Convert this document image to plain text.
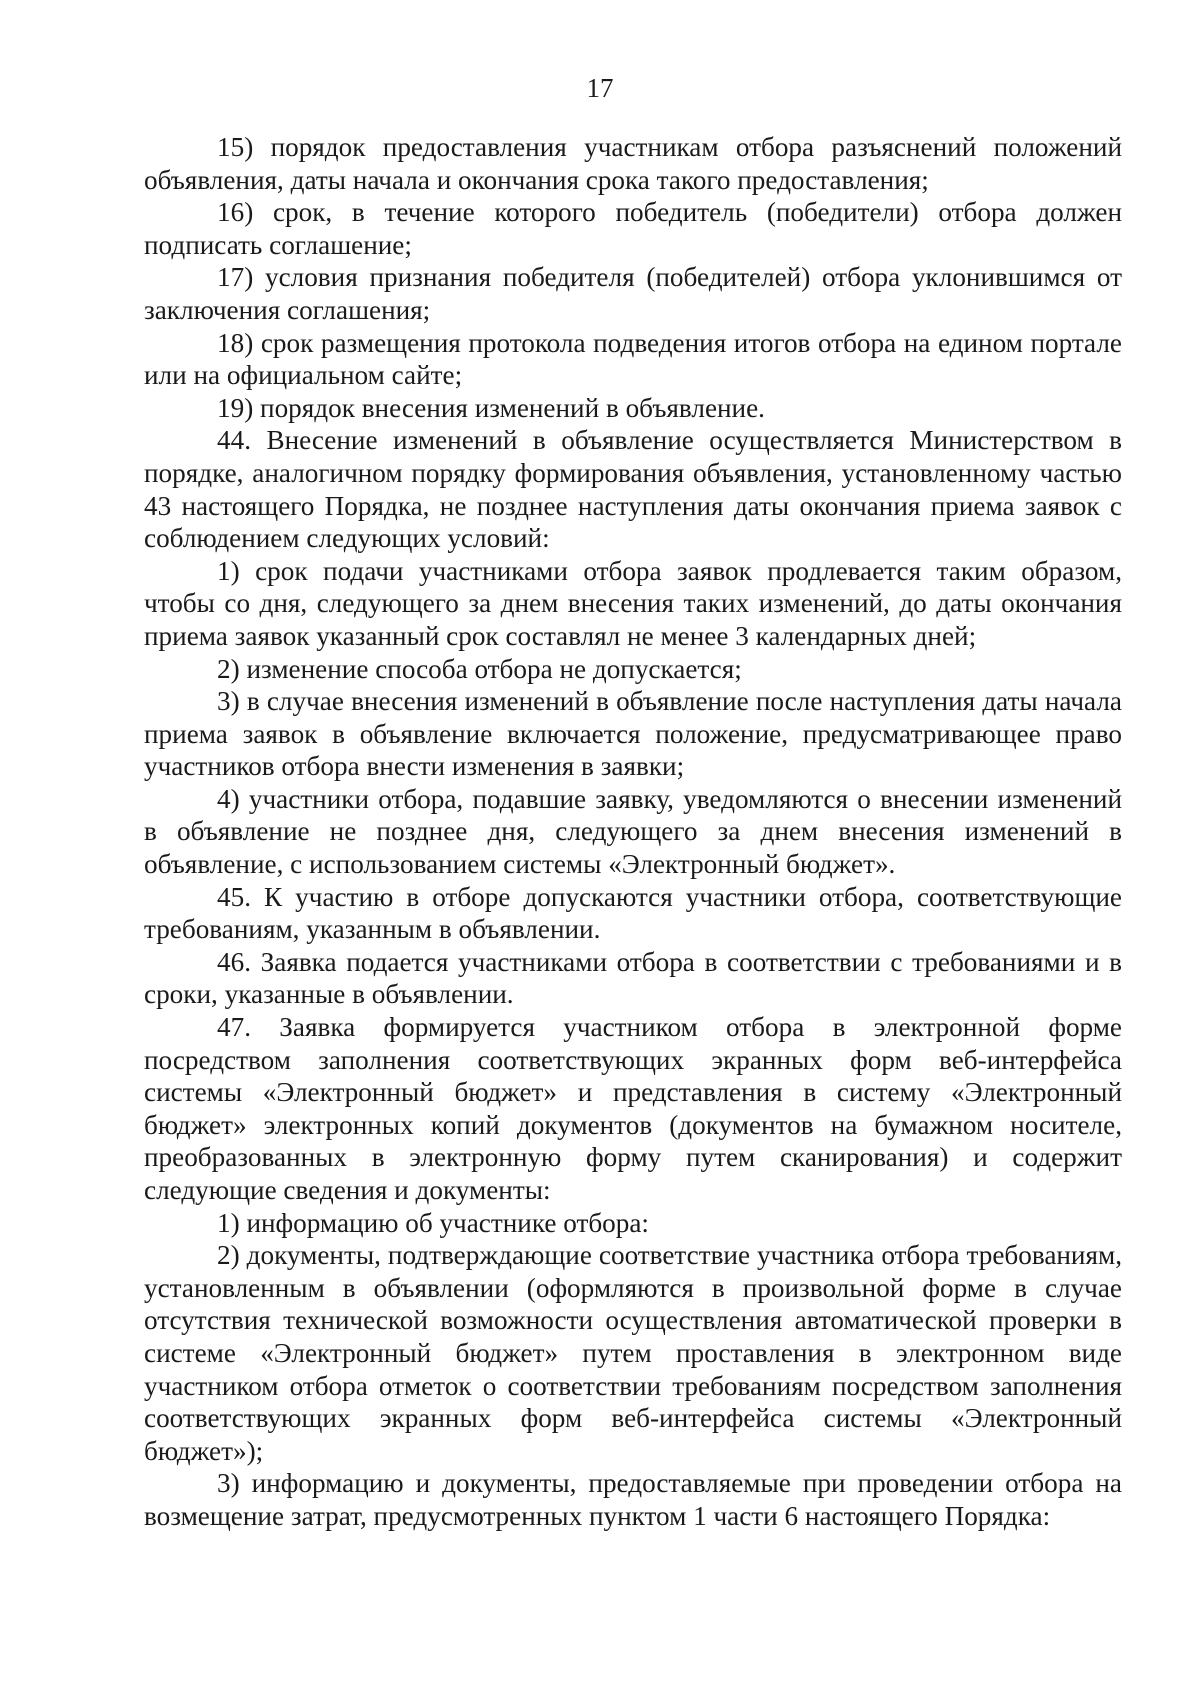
17

15) порядок предоставления участникам отбора разъяснений положений объявления, даты начала и окончания срока такого предоставления;

16) срок, в течение которого победитель (победители) отбора должен подписать соглашение;

17) условия признания победителя (победителей) отбора уклонившимся от заключения соглашения;

18) срок размещения протокола подведения итогов отбора на едином портале или на официальном сайте;

19) порядок внесения изменений в объявление.

44. Внесение изменений в объявление осуществляется Министерством в порядке, аналогичном порядку формирования объявления, установленному частью 43 настоящего Порядка, не позднее наступления даты окончания приема заявок с соблюдением следующих условий:

1) срок подачи участниками отбора заявок продлевается таким образом, чтобы со дня, следующего за днем внесения таких изменений, до даты окончания приема заявок указанный срок составлял не менее 3 календарных дней;

2) изменение способа отбора не допускается;

3) в случае внесения изменений в объявление после наступления даты начала приема заявок в объявление включается положение, предусматривающее право участников отбора внести изменения в заявки;

4) участники отбора, подавшие заявку, уведомляются о внесении изменений в объявление не позднее дня, следующего за днем внесения изменений в объявление, с использованием системы «Электронный бюджет».

45. К участию в отборе допускаются участники отбора, соответствующие требованиям, указанным в объявлении.

46. Заявка подается участниками отбора в соответствии с требованиями и в сроки, указанные в объявлении.

47. Заявка формируется участником отбора в электронной форме посредством заполнения соответствующих экранных форм веб-интерфейса системы «Электронный бюджет» и представления в систему «Электронный бюджет» электронных копий документов (документов на бумажном носителе, преобразованных в электронную форму путем сканирования) и содержит следующие сведения и документы:

1) информацию об участнике отбора:

2) документы, подтверждающие соответствие участника отбора требованиям, установленным в объявлении (оформляются в произвольной форме в случае отсутствия технической возможности осуществления автоматической проверки в системе «Электронный бюджет» путем проставления в электронном виде участником отбора отметок о соответствии требованиям посредством заполнения соответствующих экранных форм веб-интерфейса системы «Электронный бюджет»);

3) информацию и документы, предоставляемые при проведении отбора на возмещение затрат, предусмотренных пунктом 1 части 6 настоящего Порядка:
